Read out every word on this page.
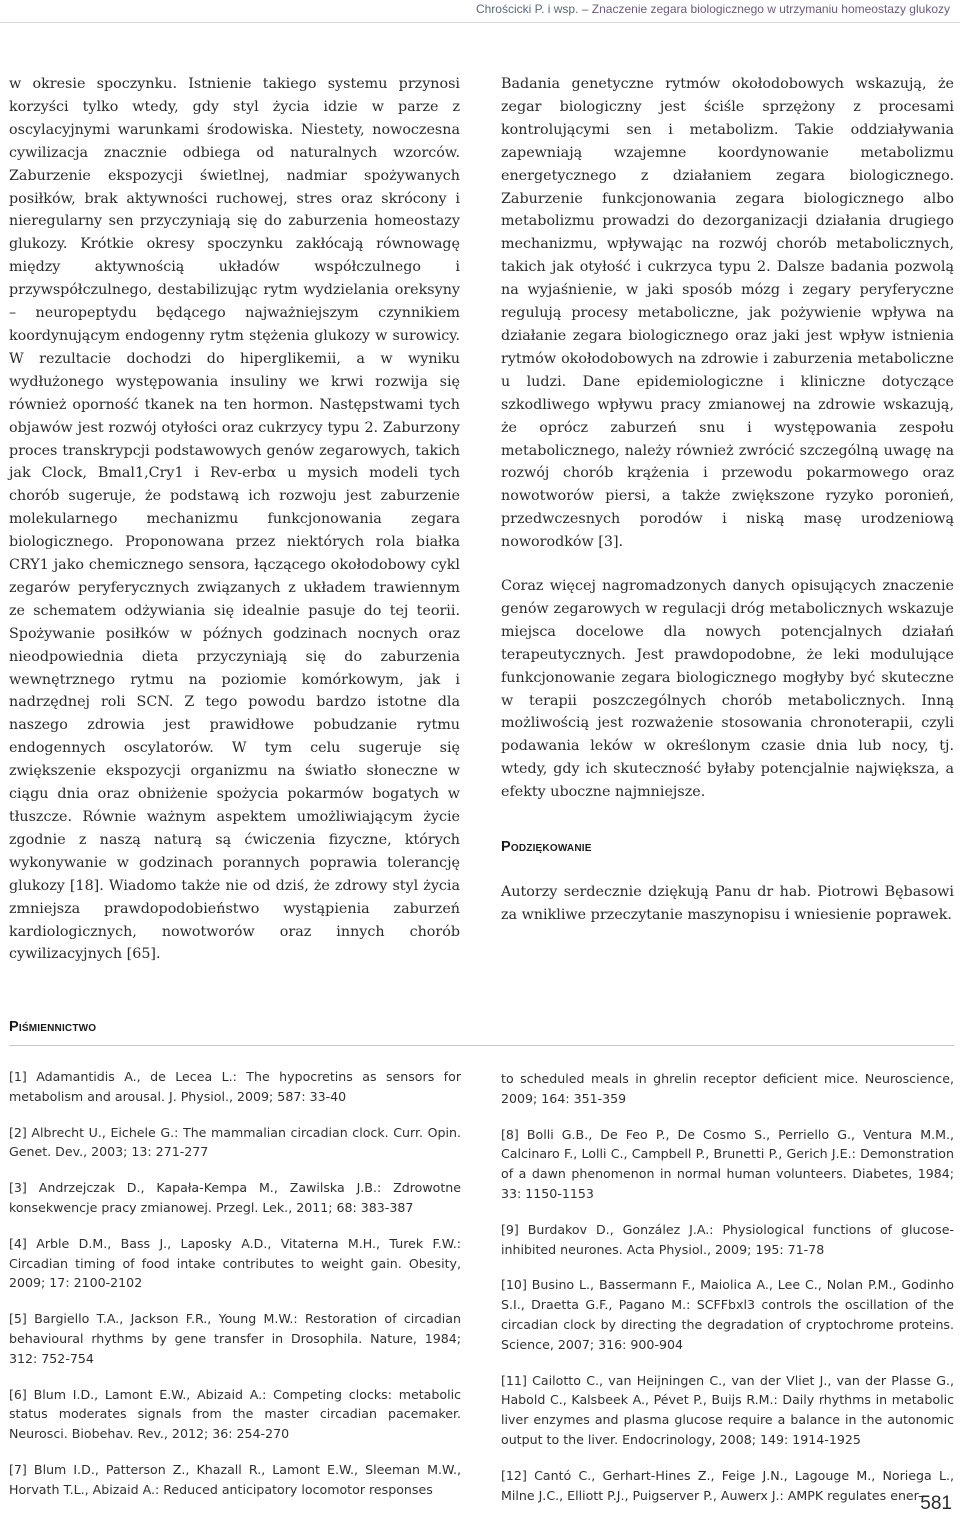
Chrościcki P. i wsp. – Znaczenie zegara biologicznego w utrzymaniu homeostazy glukozy

w okresie spoczynku. Istnienie takiego systemu przynosi korzyści tylko wtedy, gdy styl życia idzie w parze z oscylacyjnymi warunkami środowiska. Niestety, nowoczesna cywilizacja znacznie odbiega od naturalnych wzorców. Zaburzenie ekspozycji świetlnej, nadmiar spożywanych posiłków, brak aktywności ruchowej, stres oraz skrócony i nieregularny sen przyczyniają się do zaburzenia homeostazy glukozy. Krótkie okresy spoczynku zakłócają równowagę między aktywnością układów współczulnego i przywspółczulnego, destabilizując rytm wydzielania oreksyny – neuropeptydu będącego najważniejszym czynnikiem koordynującym endogenny rytm stężenia glukozy w surowicy. W rezultacie dochodzi do hiperglikemii, a w wyniku wydłużonego występowania insuliny we krwi rozwija się również oporność tkanek na ten hormon. Następstwami tych objawów jest rozwój otyłości oraz cukrzycy typu 2. Zaburzony proces transkrypcji podstawowych genów zegarowych, takich jak Clock, Bmal1,Cry1 i Rev-erbα u mysich modeli tych chorób sugeruje, że podstawą ich rozwoju jest zaburzenie molekularnego mechanizmu funkcjonowania zegara biologicznego. Proponowana przez niektórych rola białka CRY1 jako chemicznego sensora, łączącego okołodobowy cykl zegarów peryferycznych związanych z układem trawiennym ze schematem odżywiania się idealnie pasuje do tej teorii. Spożywanie posiłków w późnych godzinach nocnych oraz nieodpowiednia dieta przyczyniają się do zaburzenia wewnętrznego rytmu na poziomie komórkowym, jak i nadrzędnej roli SCN. Z tego powodu bardzo istotne dla naszego zdrowia jest prawidłowe pobudzanie rytmu endogennych oscylatorów. W tym celu sugeruje się zwiększenie ekspozycji organizmu na światło słoneczne w ciągu dnia oraz obniżenie spożycia pokarmów bogatych w tłuszcze. Równie ważnym aspektem umożliwiającym życie zgodnie z naszą naturą są ćwiczenia fizyczne, których wykonywanie w godzinach porannych poprawia tolerancję glukozy [18]. Wiadomo także nie od dziś, że zdrowy styl życia zmniejsza prawdopodobieństwo wystąpienia zaburzeń kardiologicznych, nowotworów oraz innych chorób cywilizacyjnych [65].

Badania genetyczne rytmów okołodobowych wskazują, że zegar biologiczny jest ściśle sprzężony z procesami kontrolującymi sen i metabolizm. Takie oddziaływania zapewniają wzajemne koordynowanie metabolizmu energetycznego z działaniem zegara biologicznego. Zaburzenie funkcjonowania zegara biologicznego albo metabolizmu prowadzi do dezorganizacji działania drugiego mechanizmu, wpływając na rozwój chorób metabolicznych, takich jak otyłość i cukrzyca typu 2. Dalsze badania pozwolą na wyjaśnienie, w jaki sposób mózg i zegary peryferyczne regulują procesy metaboliczne, jak pożywienie wpływa na działanie zegara biologicznego oraz jaki jest wpływ istnienia rytmów okołodobowych na zdrowie i zaburzenia metaboliczne u ludzi. Dane epidemiologiczne i kliniczne dotyczące szkodliwego wpływu pracy zmianowej na zdrowie wskazują, że oprócz zaburzeń snu i występowania zespołu metabolicznego, należy również zwrócić szczególną uwagę na rozwój chorób krążenia i przewodu pokarmowego oraz nowotworów piersi, a także zwiększone ryzyko poronień, przedwczesnych porodów i niską masę urodzeniową noworodków [3].

Coraz więcej nagromadzonych danych opisujących znaczenie genów zegarowych w regulacji dróg metabolicznych wskazuje miejsca docelowe dla nowych potencjalnych działań terapeutycznych. Jest prawdopodobne, że leki modulujące funkcjonowanie zegara biologicznego mogłyby być skuteczne w terapii poszczególnych chorób metabolicznych. Inną możliwością jest rozważenie stosowania chronoterapii, czyli podawania leków w określonym czasie dnia lub nocy, tj. wtedy, gdy ich skuteczność byłaby potencjalnie największa, a efekty uboczne najmniejsze.

Podziękowanie

Autorzy serdecznie dziękują Panu dr hab. Piotrowi Bębasowi za wnikliwe przeczytanie maszynopisu i wniesienie poprawek.

Piśmiennictwo

[1] Adamantidis A., de Lecea L.: The hypocretins as sensors for metabolism and arousal. J. Physiol., 2009; 587: 33-40

[2] Albrecht U., Eichele G.: The mammalian circadian clock. Curr. Opin. Genet. Dev., 2003; 13: 271-277

[3] Andrzejczak D., Kapała-Kempa M., Zawilska J.B.: Zdrowotne konsekwencje pracy zmianowej. Przegl. Lek., 2011; 68: 383-387

[4] Arble D.M., Bass J., Laposky A.D., Vitaterna M.H., Turek F.W.: Circadian timing of food intake contributes to weight gain. Obesity, 2009; 17: 2100-2102

[5] Bargiello T.A., Jackson F.R., Young M.W.: Restoration of circadian behavioural rhythms by gene transfer in Drosophila. Nature, 1984; 312: 752-754

[6] Blum I.D., Lamont E.W., Abizaid A.: Competing clocks: metabolic status moderates signals from the master circadian pacemaker. Neurosci. Biobehav. Rev., 2012; 36: 254-270

[7] Blum I.D., Patterson Z., Khazall R., Lamont E.W., Sleeman M.W., Horvath T.L., Abizaid A.: Reduced anticipatory locomotor responses

to scheduled meals in ghrelin receptor deficient mice. Neuroscience, 2009; 164: 351-359

[8] Bolli G.B., De Feo P., De Cosmo S., Perriello G., Ventura M.M., Calcinaro F., Lolli C., Campbell P., Brunetti P., Gerich J.E.: Demonstration of a dawn phenomenon in normal human volunteers. Diabetes, 1984; 33: 1150-1153

[9] Burdakov D., González J.A.: Physiological functions of glucose-inhibited neurones. Acta Physiol., 2009; 195: 71-78

[10] Busino L., Bassermann F., Maiolica A., Lee C., Nolan P.M., Godinho S.I., Draetta G.F., Pagano M.: SCFFbxl3 controls the oscillation of the circadian clock by directing the degradation of cryptochrome proteins. Science, 2007; 316: 900-904

[11] Cailotto C., van Heijningen C., van der Vliet J., van der Plasse G., Habold C., Kalsbeek A., Pévet P., Buijs R.M.: Daily rhythms in metabolic liver enzymes and plasma glucose require a balance in the autonomic output to the liver. Endocrinology, 2008; 149: 1914-1925

[12] Cantó C., Gerhart-Hines Z., Feige J.N., Lagouge M., Noriega L., Milne J.C., Elliott P.J., Puigserver P., Auwerx J.: AMPK regulates ener-

581
